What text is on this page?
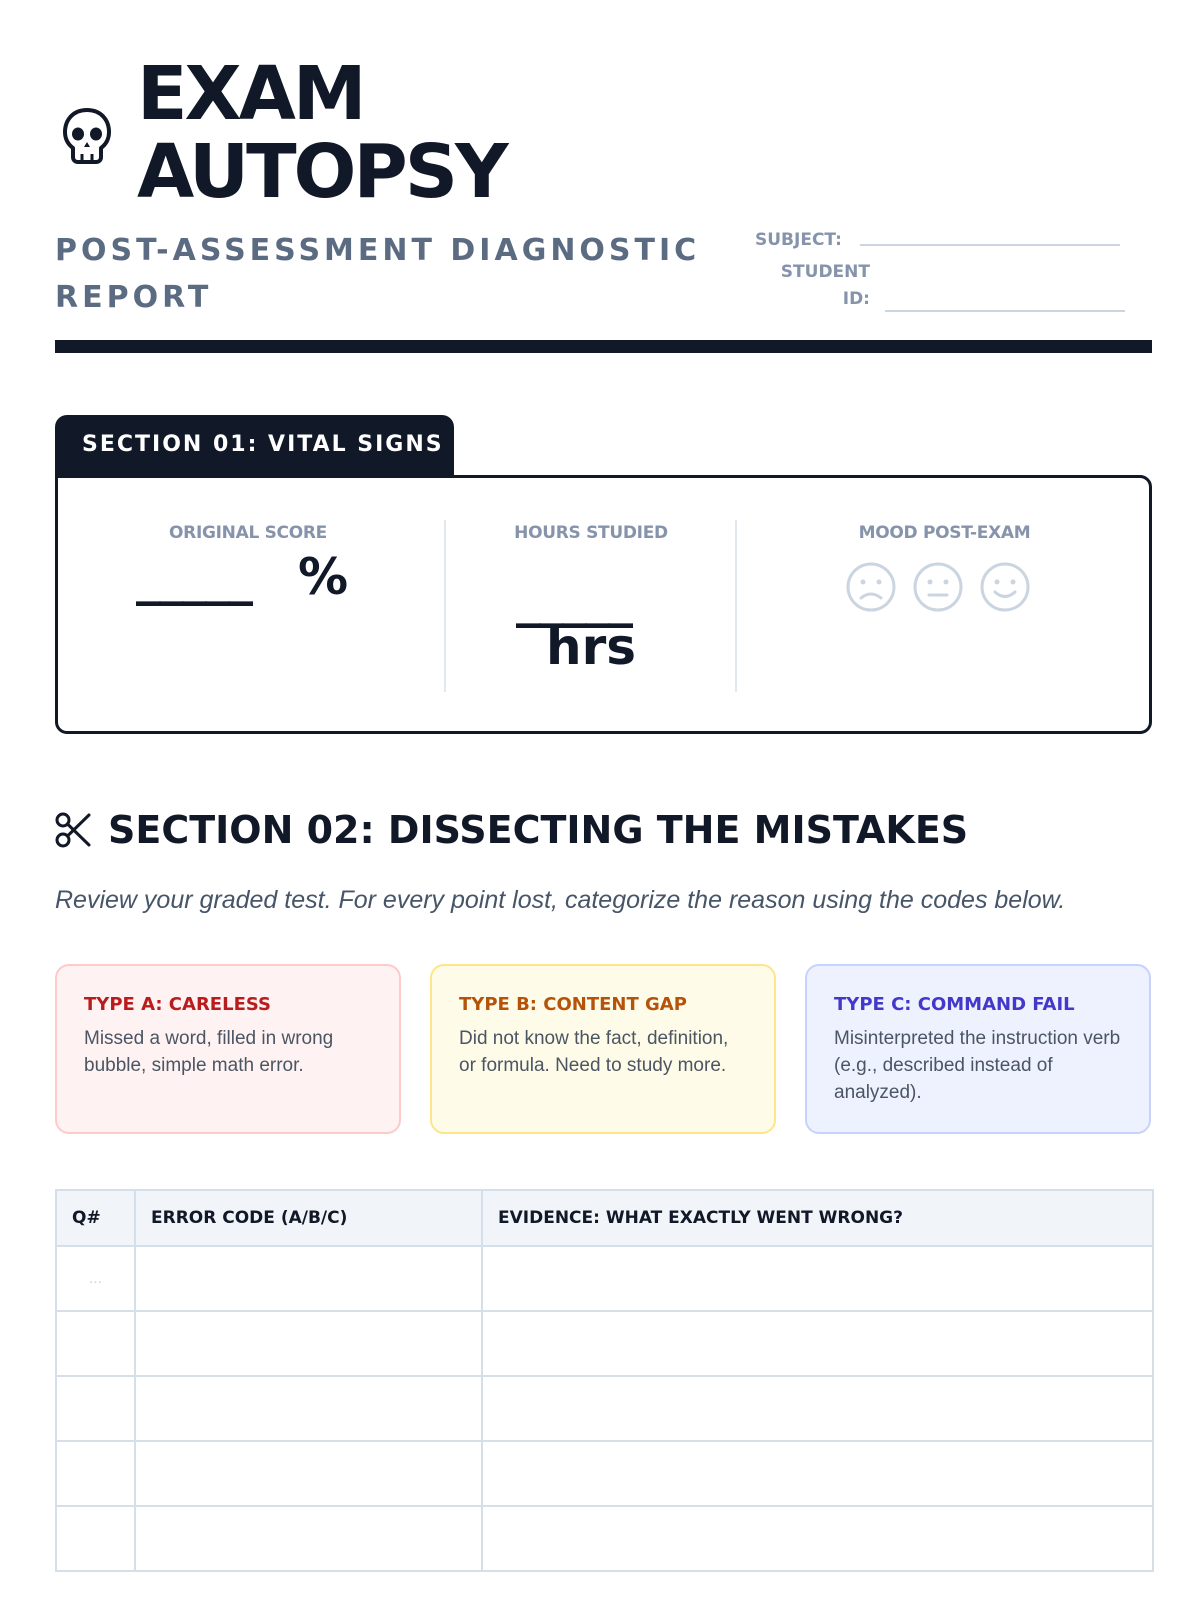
EXAM
AUTOPSY
POST-ASSESSMENT DIAGNOSTIC REPORT
SUBJECT:
STUDENT ID:
SECTION 01: VITAL SIGNS
ORIGINAL SCORE
_____ %
HOURS STUDIED
_____
hrs
MOOD POST-EXAM
SECTION 02: DISSECTING THE MISTAKES
Review your graded test. For every point lost, categorize the reason using the codes below.
TYPE A: CARELESS
Missed a word, filled in wrong bubble, simple math error.
TYPE B: CONTENT GAP
Did not know the fact, definition, or formula. Need to study more.
TYPE C: COMMAND FAIL
Misinterpreted the instruction verb (e.g., described instead of analyzed).
Q#	ERROR CODE (A/B/C)	EVIDENCE: WHAT EXACTLY WENT WRONG?
...		
